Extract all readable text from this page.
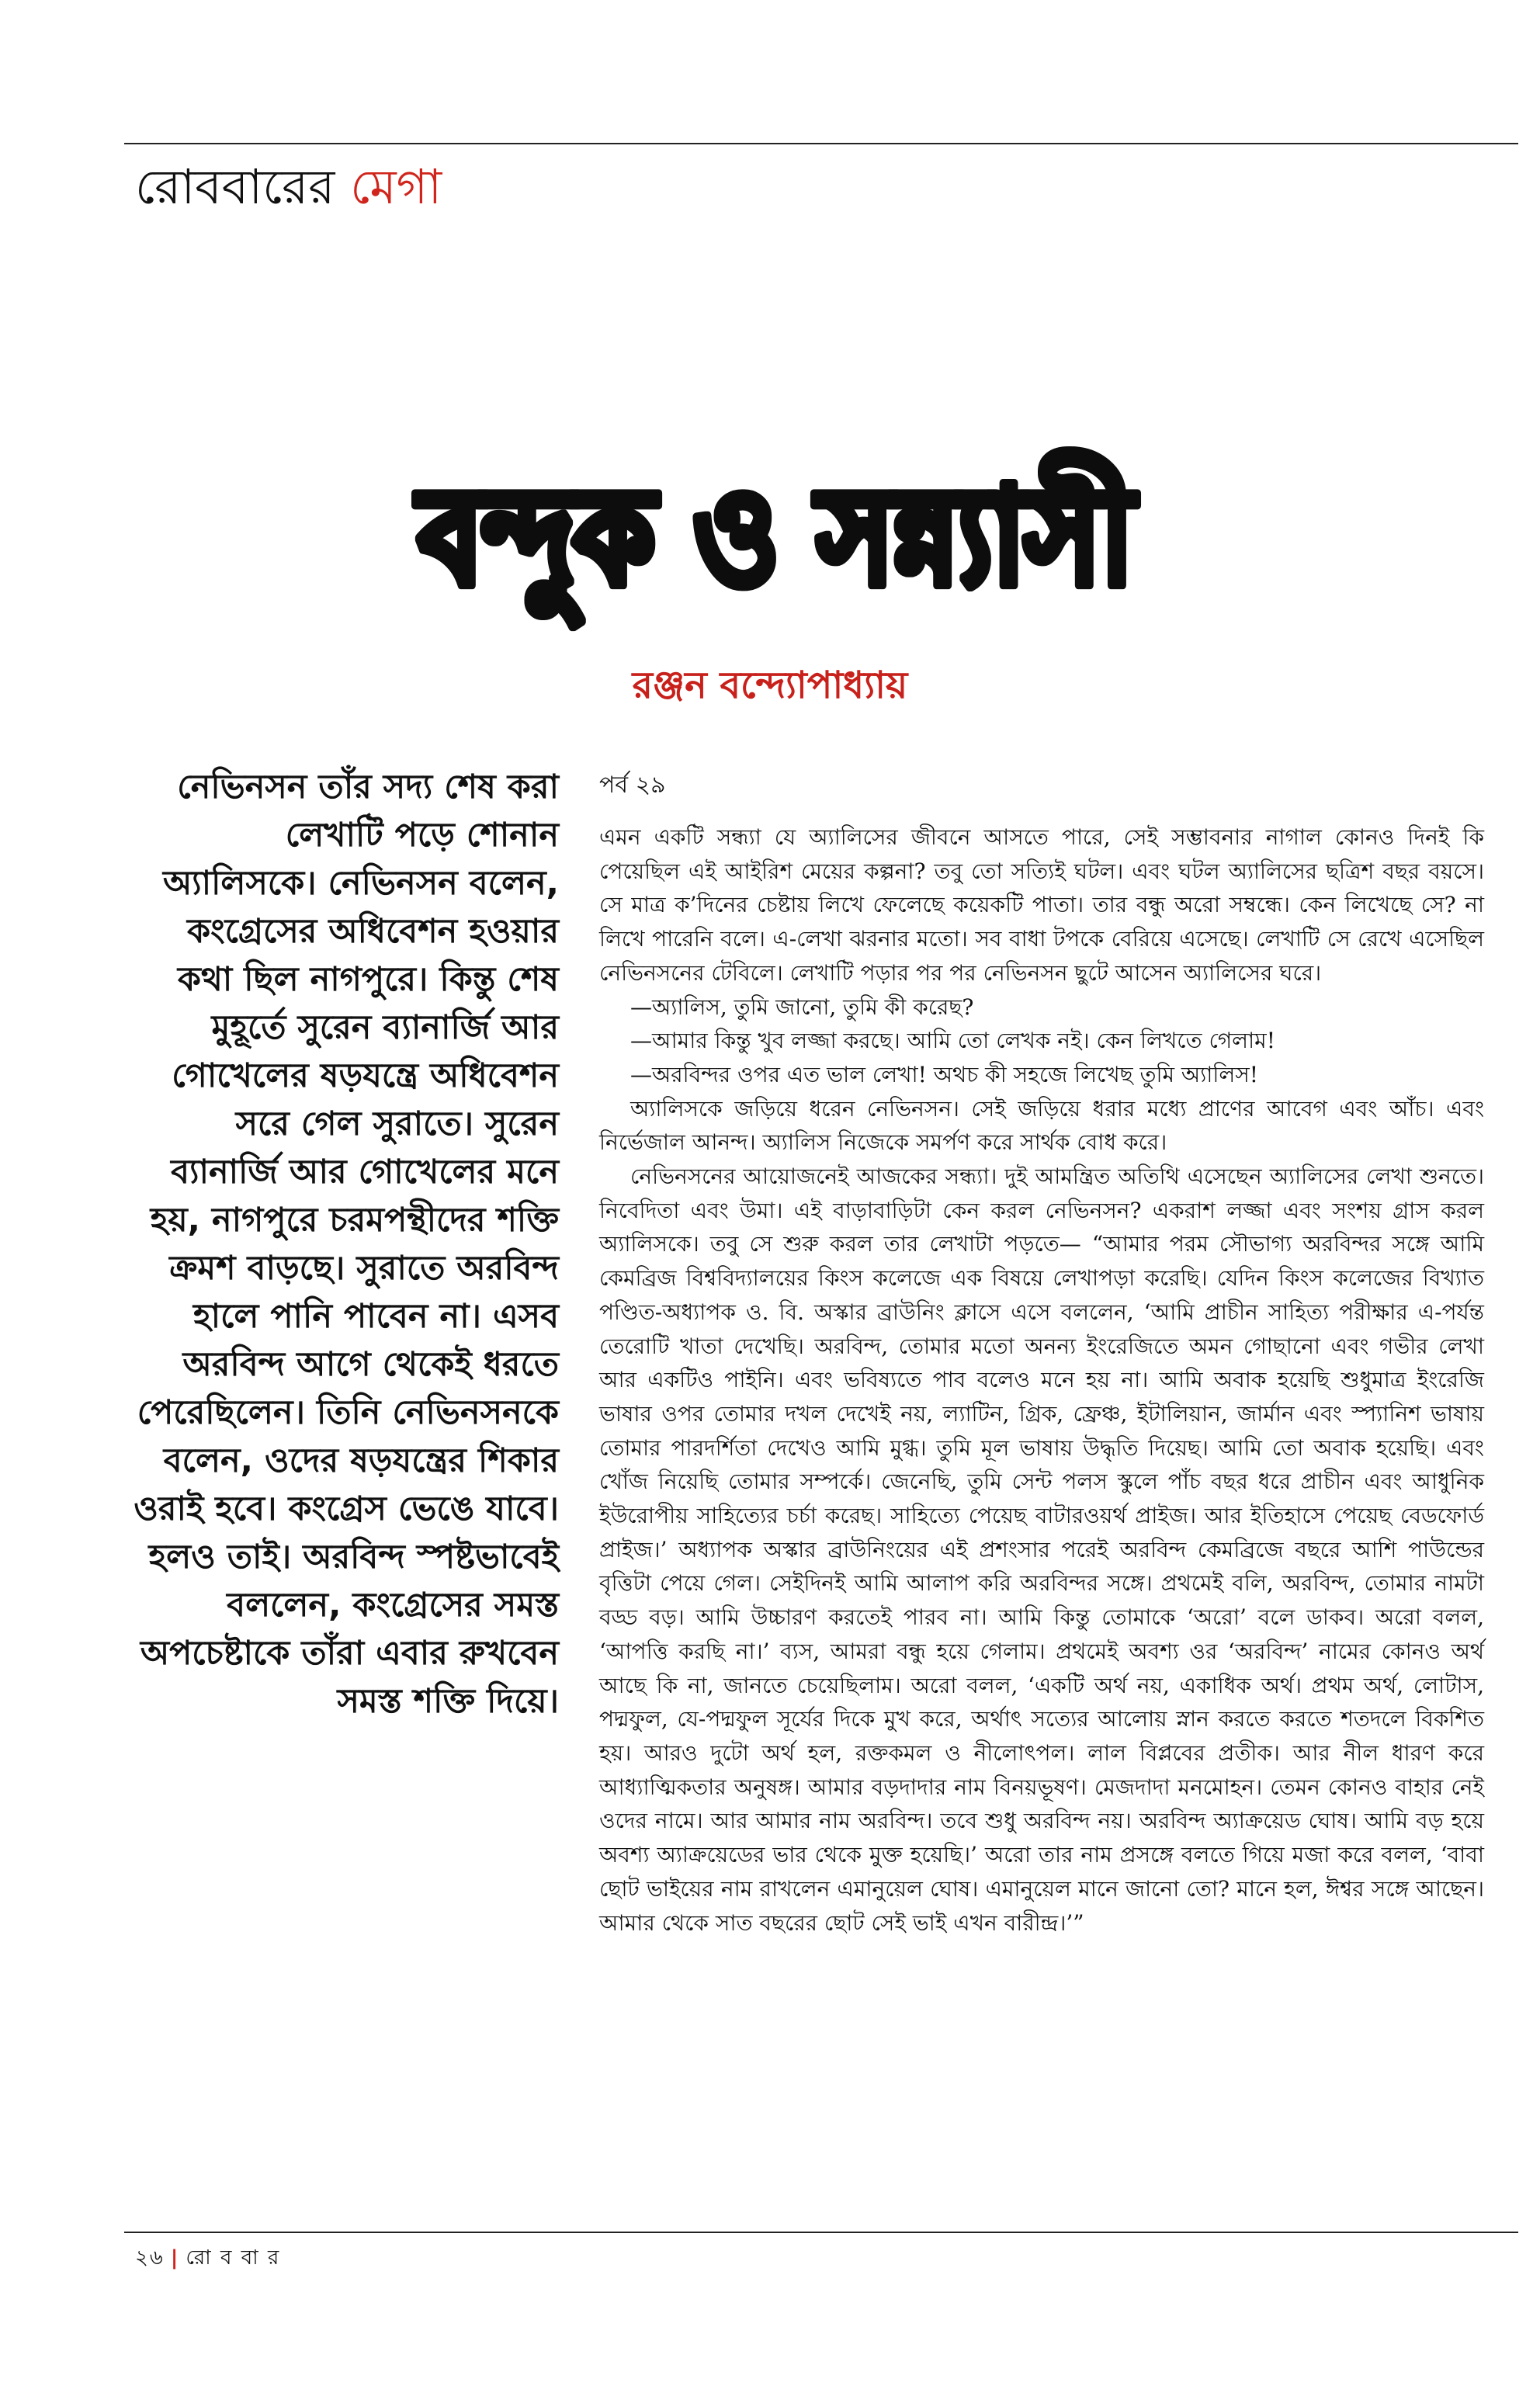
রোববারের মেগা
বন্দুক ও সন্ন্যাসী
রঞ্জন বন্দ্যোপাধ্যায়
নেভিনসন তাঁর সদ্য শেষ করা লেখাটি পড়ে শোনান অ্যালিসকে। নেভিনসন বলেন, কংগ্রেসের অধিবেশন হওয়ার কথা ছিল নাগপুরে। কিন্তু শেষ মুহূর্তে সুরেন ব্যানার্জি আর গোখেলের ষড়যন্ত্রে অধিবেশন সরে গেল সুরাতে। সুরেন ব্যানার্জি আর গোখেলের মনে হয়, নাগপুরে চরমপন্থীদের শক্তি ক্রমশ বাড়ছে। সুরাতে অরবিন্দ হালে পানি পাবেন না। এসব অরবিন্দ আগে থেকেই ধরতে পেরেছিলেন। তিনি নেভিনসনকে বলেন, ওদের ষড়যন্ত্রের শিকার ওরাই হবে। কংগ্রেস ভেঙে যাবে। হলও তাই। অরবিন্দ স্পষ্টভাবেই বললেন, কংগ্রেসের সমস্ত অপচেষ্টাকে তাঁরা এবার রুখবেন সমস্ত শক্তি দিয়ে।
পর্ব ২৯

এমন একটি সন্ধ্যা যে অ্যালিসের জীবনে আসতে পারে, সেই সম্ভাবনার নাগাল কোনও দিনই কি পেয়েছিল এই আইরিশ মেয়ের কল্পনা? তবু তো সত্যিই ঘটল। এবং ঘটল অ্যালিসের ছত্রিশ বছর বয়সে। সে মাত্র ক’দিনের চেষ্টায় লিখে ফেলেছে কয়েকটি পাতা। তার বন্ধু অরো সম্বন্ধে। কেন লিখেছে সে? না লিখে পারেনি বলে। এ-লেখা ঝরনার মতো। সব বাধা টপকে বেরিয়ে এসেছে। লেখাটি সে রেখে এসেছিল নেভিনসনের টেবিলে। লেখাটি পড়ার পর পর নেভিনসন ছুটে আসেন অ্যালিসের ঘরে।

—অ্যালিস, তুমি জানো, তুমি কী করেছ?

—আমার কিন্তু খুব লজ্জা করছে। আমি তো লেখক নই। কেন লিখতে গেলাম!

—অরবিন্দর ওপর এত ভাল লেখা! অথচ কী সহজে লিখেছ তুমি অ্যালিস!

অ্যালিসকে জড়িয়ে ধরেন নেভিনসন। সেই জড়িয়ে ধরার মধ্যে প্রাণের আবেগ এবং আঁচ। এবং নির্ভেজাল আনন্দ। অ্যালিস নিজেকে সমর্পণ করে সার্থক বোধ করে।

নেভিনসনের আয়োজনেই আজকের সন্ধ্যা। দুই আমন্ত্রিত অতিথি এসেছেন অ্যালিসের লেখা শুনতে। নিবেদিতা এবং উমা। এই বাড়াবাড়িটা কেন করল নেভিনসন? একরাশ লজ্জা এবং সংশয় গ্রাস করল অ্যালিসকে। তবু সে শুরু করল তার লেখাটা পড়তে— “আমার পরম সৌভাগ্য অরবিন্দর সঙ্গে আমি কেমব্রিজ বিশ্ববিদ্যালয়ের কিংস কলেজে এক বিষয়ে লেখাপড়া করেছি। যেদিন কিংস কলেজের বিখ্যাত পণ্ডিত-অধ্যাপক ও. বি. অস্কার ব্রাউনিং ক্লাসে এসে বললেন, ‘আমি প্রাচীন সাহিত্য পরীক্ষার এ-পর্যন্ত তেরোটি খাতা দেখেছি। অরবিন্দ, তোমার মতো অনন্য ইংরেজিতে অমন গোছানো এবং গভীর লেখা আর একটিও পাইনি। এবং ভবিষ্যতে পাব বলেও মনে হয় না। আমি অবাক হয়েছি শুধুমাত্র ইংরেজি ভাষার ওপর তোমার দখল দেখেই নয়, ল্যাটিন, গ্রিক, ফ্রেঞ্চ, ইটালিয়ান, জার্মান এবং স্প্যানিশ ভাষায় তোমার পারদর্শিতা দেখেও আমি মুগ্ধ। তুমি মূল ভাষায় উদ্ধৃতি দিয়েছ। আমি তো অবাক হয়েছি। এবং খোঁজ নিয়েছি তোমার সম্পর্কে। জেনেছি, তুমি সেন্ট পলস স্কুলে পাঁচ বছর ধরে প্রাচীন এবং আধুনিক ইউরোপীয় সাহিত্যের চর্চা করেছ। সাহিত্যে পেয়েছ বাটারওয়র্থ প্রাইজ। আর ইতিহাসে পেয়েছ বেডফোর্ড প্রাইজ।’ অধ্যাপক অস্কার ব্রাউনিংয়ের এই প্রশংসার পরেই অরবিন্দ কেমব্রিজে বছরে আশি পাউন্ডের বৃত্তিটা পেয়ে গেল। সেইদিনই আমি আলাপ করি অরবিন্দর সঙ্গে। প্রথমেই বলি, অরবিন্দ, তোমার নামটা বড্ড বড়। আমি উচ্চারণ করতেই পারব না। আমি কিন্তু তোমাকে ‘অরো’ বলে ডাকব। অরো বলল, ‘আপত্তি করছি না।’ ব্যস, আমরা বন্ধু হয়ে গেলাম। প্রথমেই অবশ্য ওর ‘অরবিন্দ’ নামের কোনও অর্থ আছে কি না, জানতে চেয়েছিলাম। অরো বলল, ‘একটি অর্থ নয়, একাধিক অর্থ। প্রথম অর্থ, লোটাস, পদ্মফুল, যে-পদ্মফুল সূর্যের দিকে মুখ করে, অর্থাৎ সত্যের আলোয় স্নান করতে করতে শতদলে বিকশিত হয়। আরও দুটো অর্থ হল, রক্তকমল ও নীলোৎপল। লাল বিপ্লবের প্রতীক। আর নীল ধারণ করে আধ্যাত্মিকতার অনুষঙ্গ। আমার বড়দাদার নাম বিনয়ভূষণ। মেজদাদা মনমোহন। তেমন কোনও বাহার নেই ওদের নামে। আর আমার নাম অরবিন্দ। তবে শুধু অরবিন্দ নয়। অরবিন্দ অ্যাক্রয়েড ঘোষ। আমি বড় হয়ে অবশ্য অ্যাক্রয়েডের ভার থেকে মুক্ত হয়েছি।’ অরো তার নাম প্রসঙ্গে বলতে গিয়ে মজা করে বলল, ‘বাবা ছোট ভাইয়ের নাম রাখলেন এমানুয়েল ঘোষ। এমানুয়েল মানে জানো তো? মানে হল, ঈশ্বর সঙ্গে আছেন। আমার থেকে সাত বছরের ছোট সেই ভাই এখন বারীন্দ্র।’”

২৬ | রো ব বা র
